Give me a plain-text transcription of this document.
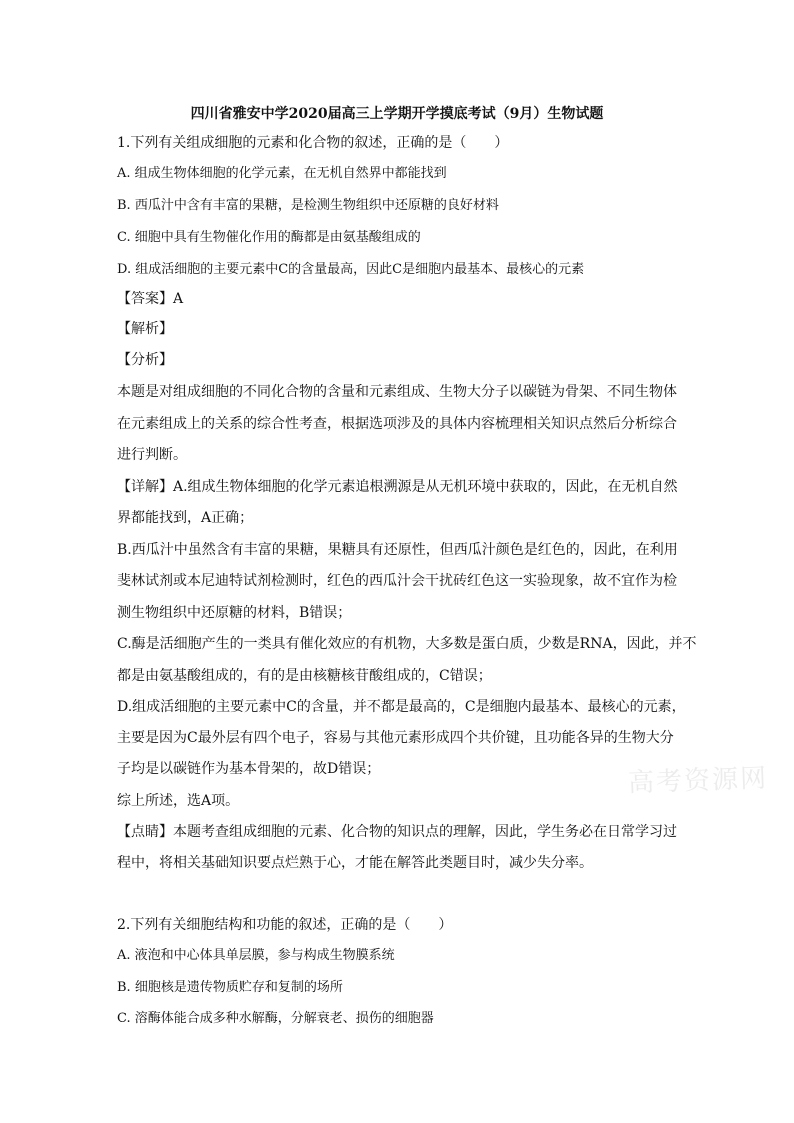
四川省雅安中学2020届高三上学期开学摸底考试（9月）生物试题
1.下列有关组成细胞的元素和化合物的叙述，正确的是（　　）
A. 组成生物体细胞的化学元素，在无机自然界中都能找到
B. 西瓜汁中含有丰富的果糖，是检测生物组织中还原糖的良好材料
C. 细胞中具有生物催化作用的酶都是由氨基酸组成的
D. 组成活细胞的主要元素中C的含量最高，因此C是细胞内最基本、最核心的元素
【答案】A
【解析】
【分析】
本题是对组成细胞的不同化合物的含量和元素组成、生物大分子以碳链为骨架、不同生物体
在元素组成上的关系的综合性考查，根据选项涉及的具体内容梳理相关知识点然后分析综合
进行判断。
【详解】A.组成生物体细胞的化学元素追根溯源是从无机环境中获取的，因此，在无机自然
界都能找到，A正确；
B.西瓜汁中虽然含有丰富的果糖，果糖具有还原性，但西瓜汁颜色是红色的，因此，在利用
斐林试剂或本尼迪特试剂检测时，红色的西瓜汁会干扰砖红色这一实验现象，故不宜作为检
测生物组织中还原糖的材料，B错误；
C.酶是活细胞产生的一类具有催化效应的有机物，大多数是蛋白质，少数是RNA，因此，并不
都是由氨基酸组成的，有的是由核糖核苷酸组成的，C错误；
D.组成活细胞的主要元素中C的含量，并不都是最高的，C是细胞内最基本、最核心的元素，
主要是因为C最外层有四个电子，容易与其他元素形成四个共价键，且功能各异的生物大分
子均是以碳链作为基本骨架的，故D错误；
综上所述，选A项。
【点睛】本题考查组成细胞的元素、化合物的知识点的理解，因此，学生务必在日常学习过
程中，将相关基础知识要点烂熟于心，才能在解答此类题目时，减少失分率。
2.下列有关细胞结构和功能的叙述，正确的是（　　）
A. 液泡和中心体具单层膜，参与构成生物膜系统
B. 细胞核是遗传物质贮存和复制的场所
C. 溶酶体能合成多种水解酶，分解衰老、损伤的细胞器
高考资源网
